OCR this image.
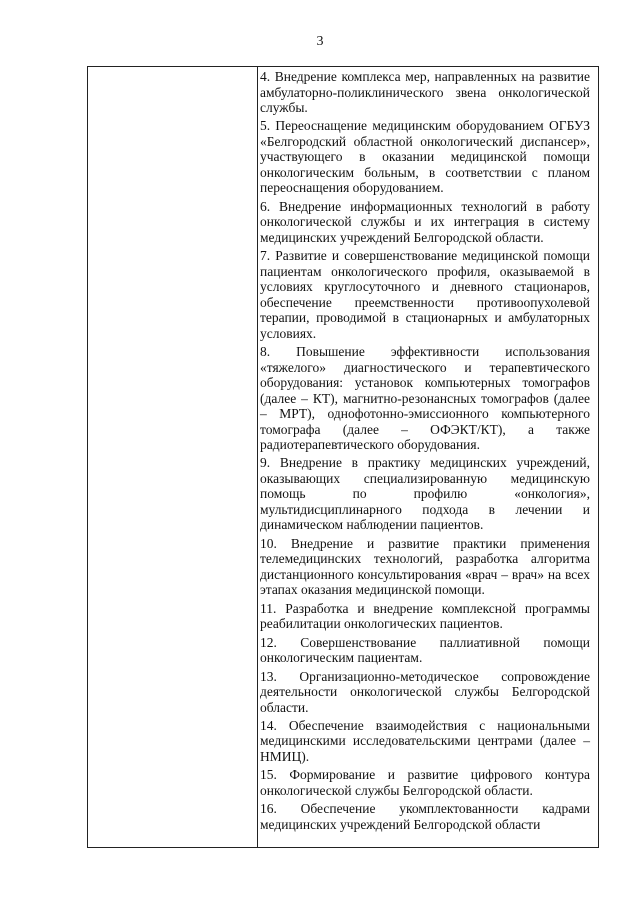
3

4. Внедрение комплекса мер, направленных на развитие амбулаторно-поликлинического звена онкологической службы.

5. Переоснащение медицинским оборудованием ОГБУЗ «Белгородский областной онкологический диспансер», участвующего в оказании медицинской помощи онкологическим больным, в соответствии с планом переоснащения оборудованием.

6. Внедрение информационных технологий в работу онкологической службы и их интеграция в систему медицинских учреждений Белгородской области.

7. Развитие и совершенствование медицинской помощи пациентам онкологического профиля, оказываемой в условиях круглосуточного и дневного стационаров, обеспечение преемственности противоопухолевой терапии, проводимой в стационарных и амбулаторных условиях.

8. Повышение эффективности использования «тяжелого» диагностического и терапевтического оборудования: установок компьютерных томографов (далее – КТ), магнитно-резонансных томографов (далее – МРТ), однофотонно-эмиссионного компьютерного томографа (далее – ОФЭКТ/КТ), а также радиотерапевтического оборудования.

9. Внедрение в практику медицинских учреждений, оказывающих специализированную медицинскую помощь по профилю «онкология», мультидисциплинарного подхода в лечении и динамическом наблюдении пациентов.

10. Внедрение и развитие практики применения телемедицинских технологий, разработка алгоритма дистанционного консультирования «врач – врач» на всех этапах оказания медицинской помощи.

11. Разработка и внедрение комплексной программы реабилитации онкологических пациентов.

12. Совершенствование паллиативной помощи онкологическим пациентам.

13. Организационно-методическое сопровождение деятельности онкологической службы Белгородской области.

14. Обеспечение взаимодействия с национальными медицинскими исследовательскими центрами (далее – НМИЦ).

15. Формирование и развитие цифрового контура онкологической службы Белгородской области.

16. Обеспечение укомплектованности кадрами медицинских учреждений Белгородской области
